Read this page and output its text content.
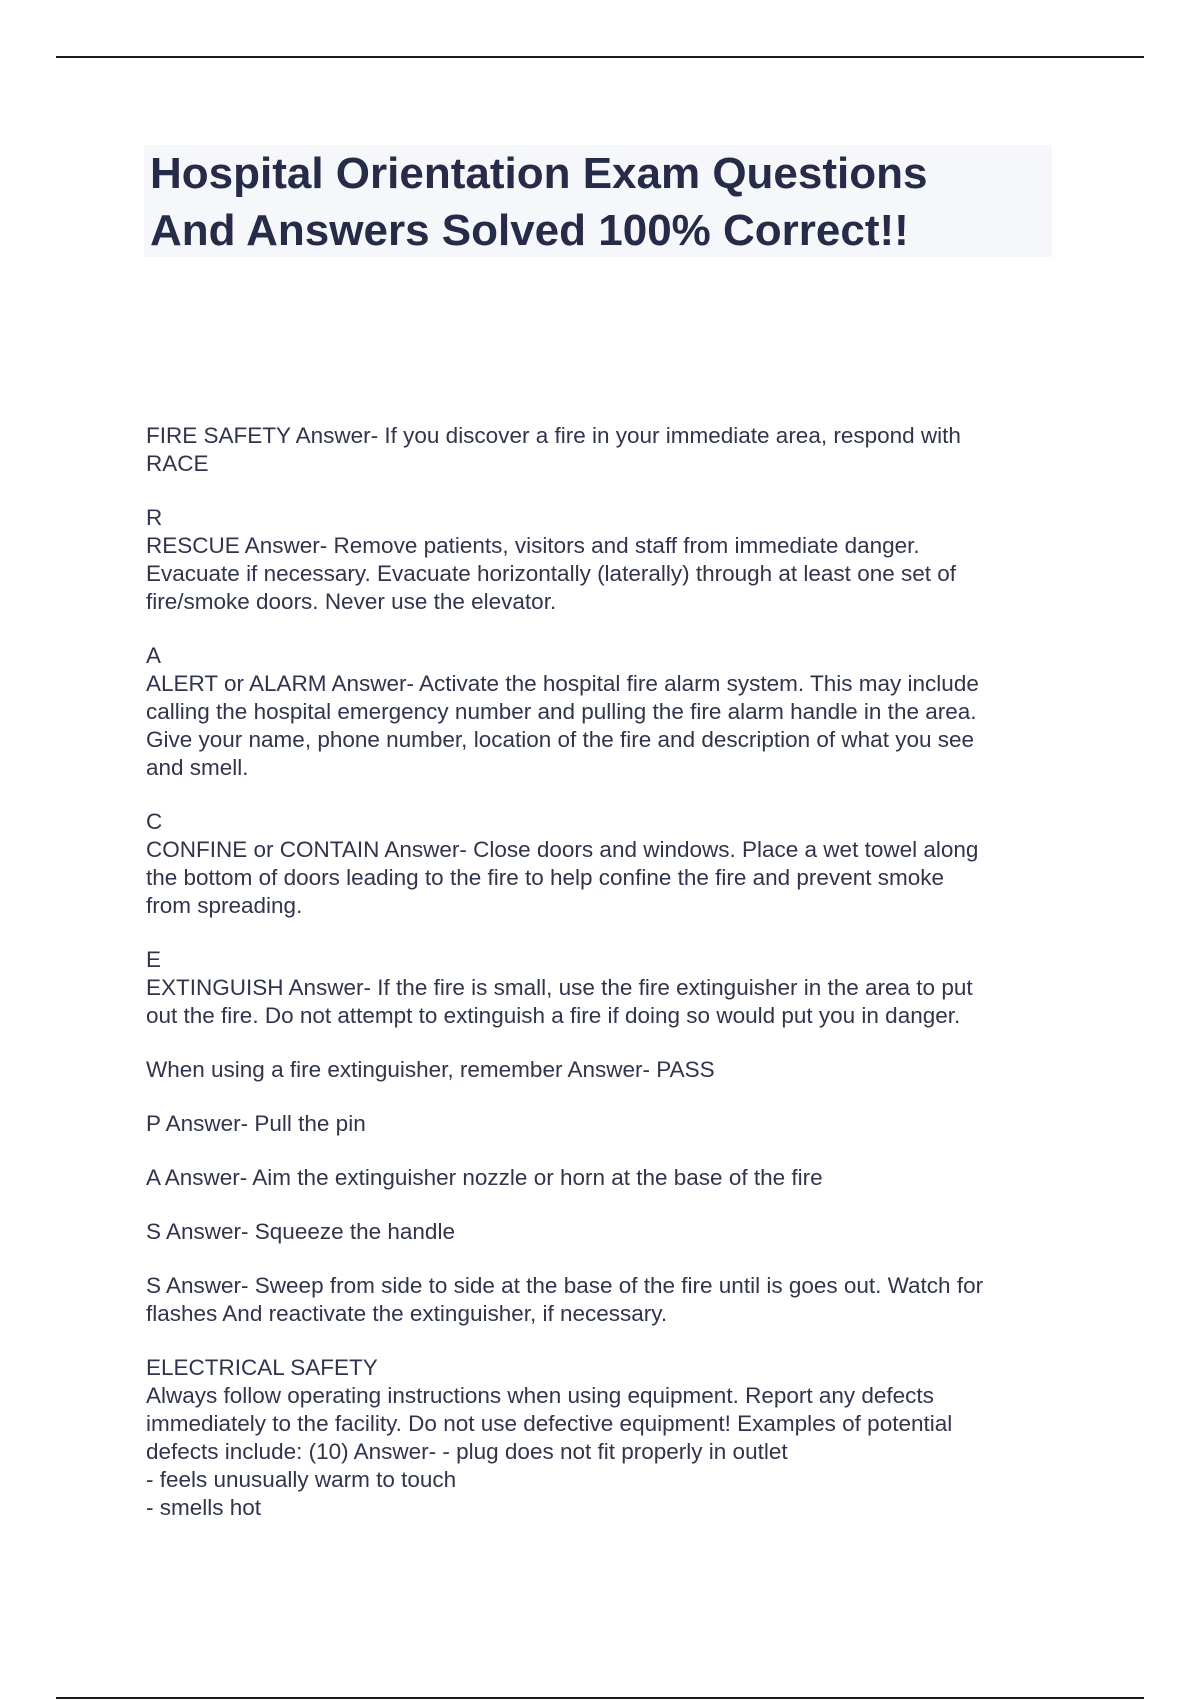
Hospital Orientation Exam Questions
And Answers Solved 100% Correct!!
FIRE SAFETY Answer- If you discover a fire in your immediate area, respond with
RACE
R
RESCUE Answer- Remove patients, visitors and staff from immediate danger.
Evacuate if necessary. Evacuate horizontally (laterally) through at least one set of
fire/smoke doors. Never use the elevator.
A
ALERT or ALARM Answer- Activate the hospital fire alarm system. This may include
calling the hospital emergency number and pulling the fire alarm handle in the area.
Give your name, phone number, location of the fire and description of what you see
and smell.
C
CONFINE or CONTAIN Answer- Close doors and windows. Place a wet towel along
the bottom of doors leading to the fire to help confine the fire and prevent smoke
from spreading.
E
EXTINGUISH Answer- If the fire is small, use the fire extinguisher in the area to put
out the fire. Do not attempt to extinguish a fire if doing so would put you in danger.
When using a fire extinguisher, remember Answer- PASS
P Answer- Pull the pin
A Answer- Aim the extinguisher nozzle or horn at the base of the fire
S Answer- Squeeze the handle
S Answer- Sweep from side to side at the base of the fire until is goes out. Watch for
flashes And reactivate the extinguisher, if necessary.
ELECTRICAL SAFETY
Always follow operating instructions when using equipment. Report any defects
immediately to the facility. Do not use defective equipment! Examples of potential
defects include: (10) Answer- - plug does not fit properly in outlet
- feels unusually warm to touch
- smells hot
